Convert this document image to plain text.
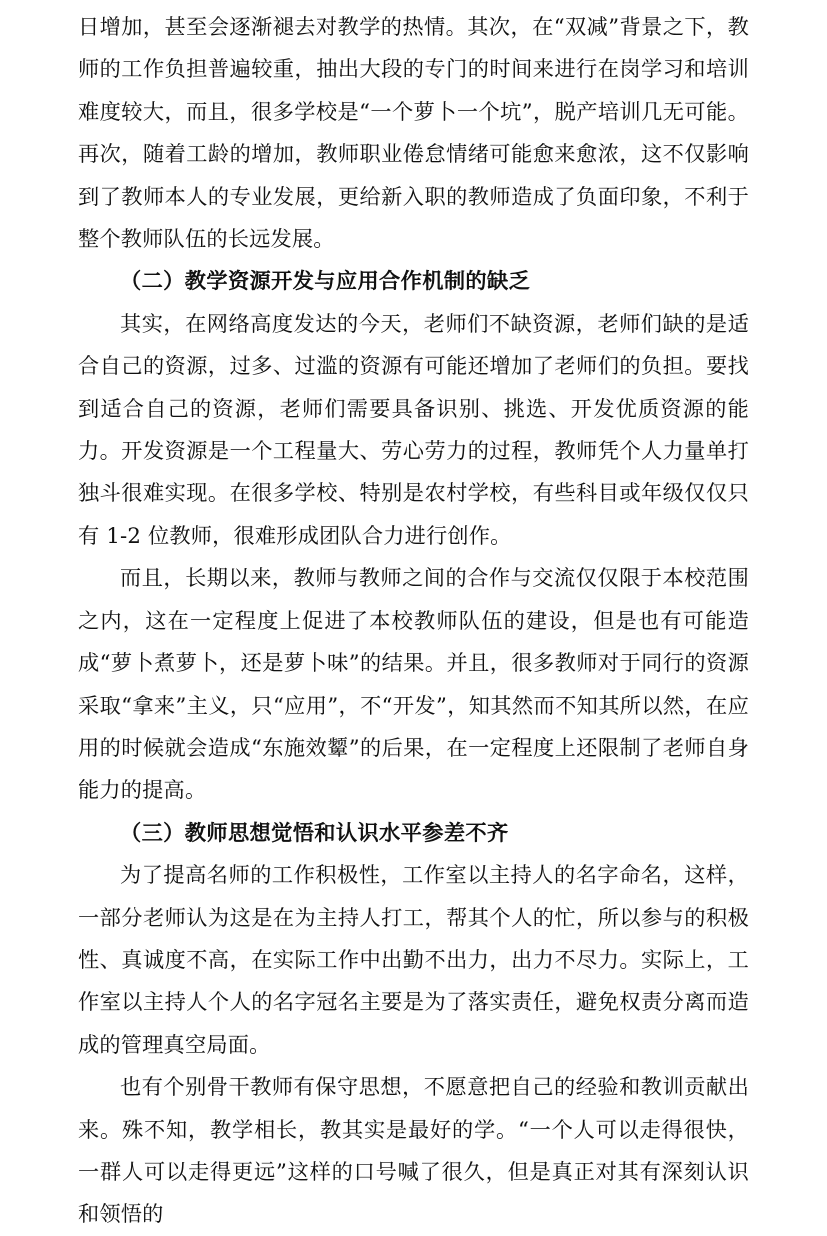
日增加，甚至会逐渐褪去对教学的热情。其次，在“双减”背景之下，教师的工作负担普遍较重，抽出大段的专门的时间来进行在岗学习和培训难度较大，而且，很多学校是“一个萝卜一个坑”，脱产培训几无可能。再次，随着工龄的增加，教师职业倦怠情绪可能愈来愈浓，这不仅影响到了教师本人的专业发展，更给新入职的教师造成了负面印象，不利于整个教师队伍的长远发展。

（二）教学资源开发与应用合作机制的缺乏

其实，在网络高度发达的今天，老师们不缺资源，老师们缺的是适合自己的资源，过多、过滥的资源有可能还增加了老师们的负担。要找到适合自己的资源，老师们需要具备识别、挑选、开发优质资源的能力。开发资源是一个工程量大、劳心劳力的过程，教师凭个人力量单打独斗很难实现。在很多学校、特别是农村学校，有些科目或年级仅仅只有 1-2 位教师，很难形成团队合力进行创作。

而且，长期以来，教师与教师之间的合作与交流仅仅限于本校范围之内，这在一定程度上促进了本校教师队伍的建设，但是也有可能造成“萝卜煮萝卜，还是萝卜味”的结果。并且，很多教师对于同行的资源采取“拿来”主义，只“应用”，不“开发”，知其然而不知其所以然，在应用的时候就会造成“东施效颦”的后果，在一定程度上还限制了老师自身能力的提高。

（三）教师思想觉悟和认识水平参差不齐

为了提高名师的工作积极性，工作室以主持人的名字命名，这样，一部分老师认为这是在为主持人打工，帮其个人的忙，所以参与的积极性、真诚度不高，在实际工作中出勤不出力，出力不尽力。实际上，工作室以主持人个人的名字冠名主要是为了落实责任，避免权责分离而造成的管理真空局面。

也有个别骨干教师有保守思想，不愿意把自己的经验和教训贡献出来。殊不知，教学相长，教其实是最好的学。“一个人可以走得很快，一群人可以走得更远”这样的口号喊了很久，但是真正对其有深刻认识和领悟的
